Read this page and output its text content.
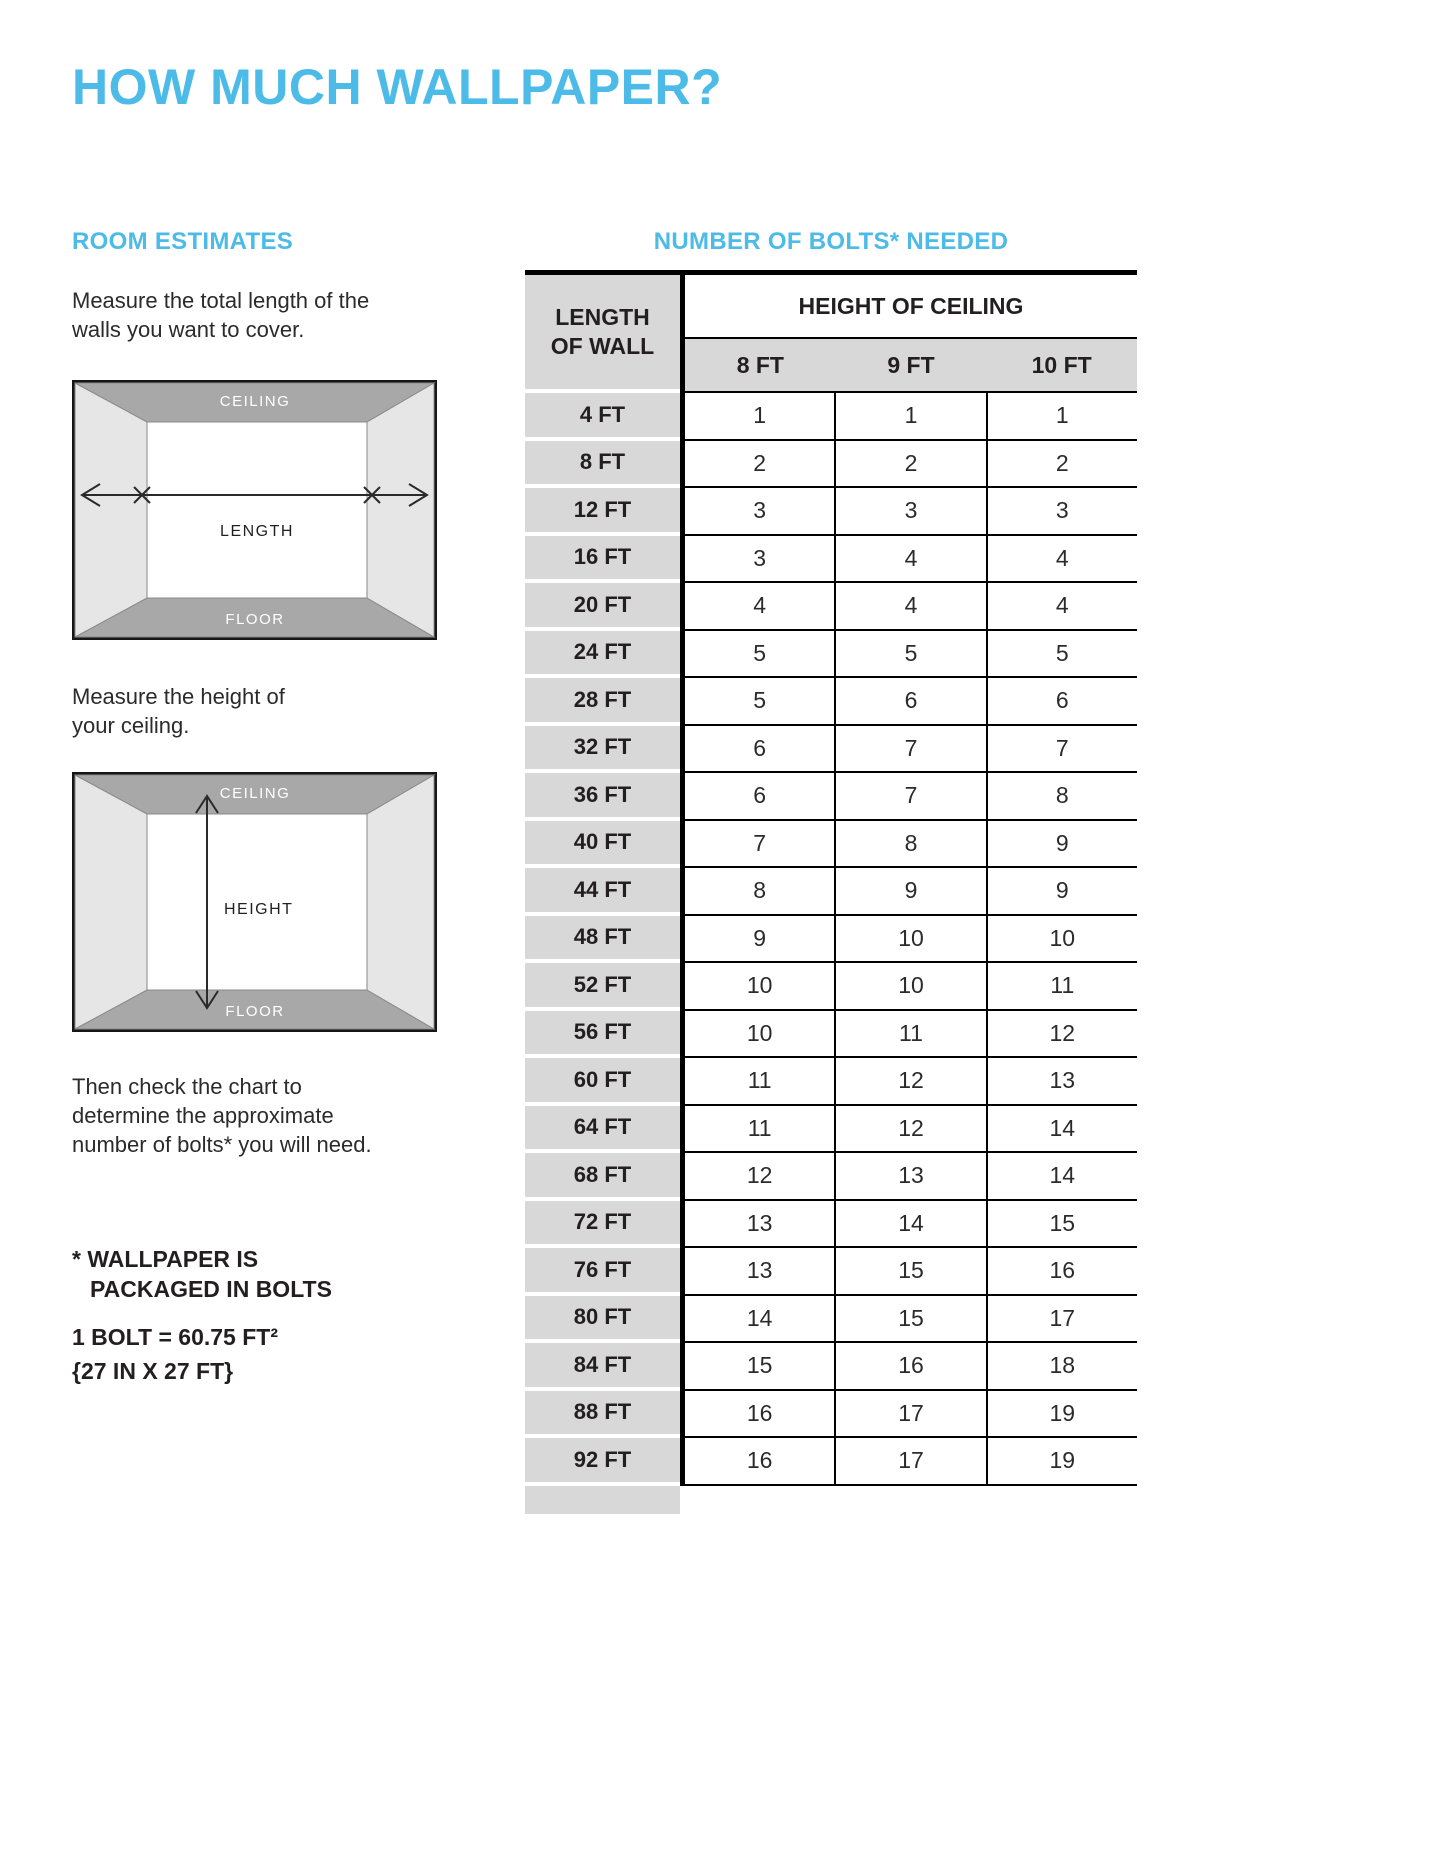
HOW MUCH WALLPAPER?
ROOM ESTIMATES

Measure the total length of the walls you want to cover.

CEILING
FLOOR
LENGTH

Measure the height of your ceiling.

CEILING
FLOOR
HEIGHT

Then check the chart to determine the approximate number of bolts* you will need.

* WALLPAPER IS
PACKAGED IN BOLTS
1 BOLT = 60.75 FT²
{27 IN X 27 FT}
NUMBER OF BOLTS* NEEDED
LENGTH OF WALL
HEIGHT OF CEILING
8 FT	9 FT	10 FT
4 FT	1	1	1
8 FT	2	2	2
12 FT	3	3	3
16 FT	3	4	4
20 FT	4	4	4
24 FT	5	5	5
28 FT	5	6	6
32 FT	6	7	7
36 FT	6	7	8
40 FT	7	8	9
44 FT	8	9	9
48 FT	9	10	10
52 FT	10	10	11
56 FT	10	11	12
60 FT	11	12	13
64 FT	11	12	14
68 FT	12	13	14
72 FT	13	14	15
76 FT	13	15	16
80 FT	14	15	17
84 FT	15	16	18
88 FT	16	17	19
92 FT	16	17	19
